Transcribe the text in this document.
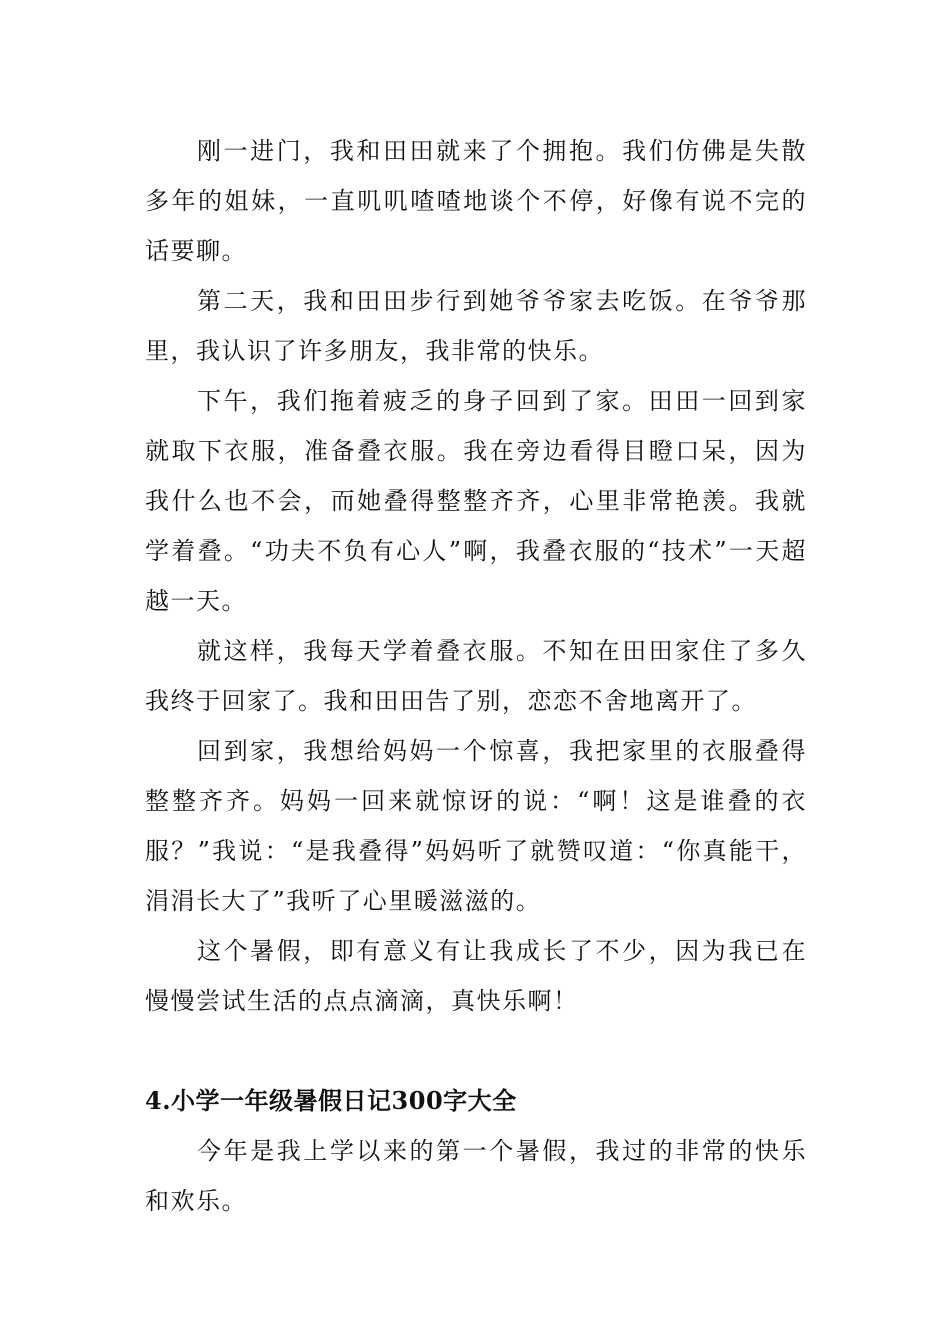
刚一进门，我和田田就来了个拥抱。我们仿佛是失散多年的姐妹，一直叽叽喳喳地谈个不停，好像有说不完的话要聊。

第二天，我和田田步行到她爷爷家去吃饭。在爷爷那里，我认识了许多朋友，我非常的快乐。

下午，我们拖着疲乏的身子回到了家。田田一回到家就取下衣服，准备叠衣服。我在旁边看得目瞪口呆，因为我什么也不会，而她叠得整整齐齐，心里非常艳羡。我就学着叠。“功夫不负有心人”啊，我叠衣服的“技术”一天超越一天。

就这样，我每天学着叠衣服。不知在田田家住了多久我终于回家了。我和田田告了别，恋恋不舍地离开了。

回到家，我想给妈妈一个惊喜，我把家里的衣服叠得整整齐齐。妈妈一回来就惊讶的说：“啊！这是谁叠的衣服？”我说：“是我叠得”妈妈听了就赞叹道：“你真能干，涓涓长大了”我听了心里暖滋滋的。

这个暑假，即有意义有让我成长了不少，因为我已在慢慢尝试生活的点点滴滴，真快乐啊！

4.小学一年级暑假日记300字大全

今年是我上学以来的第一个暑假，我过的非常的快乐和欢乐。
